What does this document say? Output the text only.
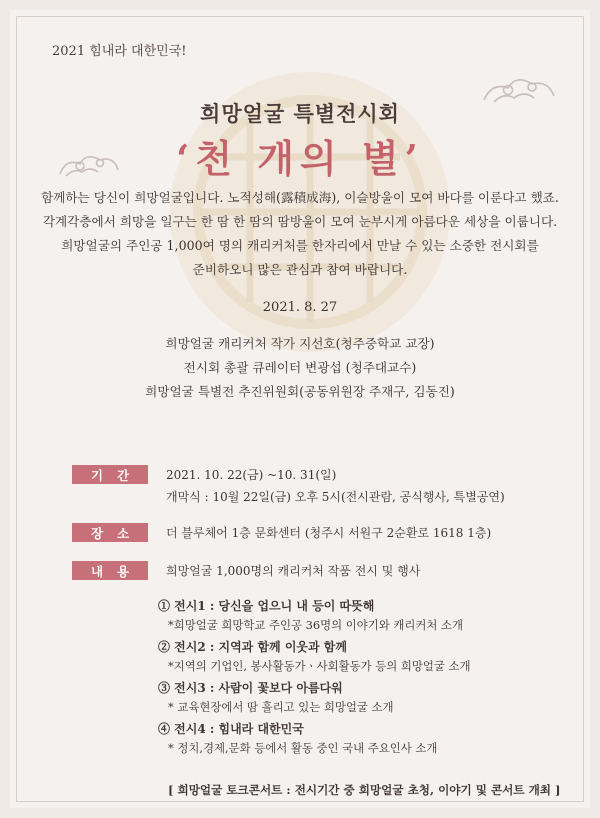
2021 힘내라 대한민국!
희망얼굴 특별전시회
‘천 개의 별’
함께하는 당신이 희망얼굴입니다. 노적성해(露積成海), 이슬방울이 모여 바다를 이룬다고 했죠.
각계각층에서 희망을 일구는 한 땀 한 땀의 땀방울이 모여 눈부시게 아름다운 세상을 이룹니다.
희망얼굴의 주인공 1,000여 명의 캐리커처를 한자리에서 만날 수 있는 소중한 전시회를
준비하오니 많은 관심과 참여 바랍니다.
2021. 8. 27
희망얼굴 캐리커처 작가 지선호(청주중학교 교장)
전시회 총괄 큐레이터 변광섭 (청주대교수)
희망얼굴 특별전 추진위원회(공동위원장 주재구, 김동진)
기 간	2021. 10. 22(금) ~10. 31(일)
개막식 : 10월 22일(금) 오후 5시(전시관람, 공식행사, 특별공연)
장 소	더 블루체어 1층 문화센터 (청주시 서원구 2순환로 1618 1층)
내 용	희망얼굴 1,000명의 캐리커처 작품 전시 및 행사
① 전시1 : 당신을 업으니 내 등이 따뜻해
*희망얼굴 희망학교 주인공 36명의 이야기와 캐리커처 소개
② 전시2 : 지역과 함께 이웃과 함께
*지역의 기업인, 봉사활동가ㆍ사회활동가 등의 희망얼굴 소개
③ 전시3 : 사람이 꽃보다 아름다워
* 교육현장에서 땀 흘리고 있는 희망얼굴 소개
④ 전시4 : 힘내라 대한민국
* 정치,경제,문화 등에서 활동 중인 국내 주요인사 소개
[ 희망얼굴 토크콘서트 : 전시기간 중 희망얼굴 초청, 이야기 및 콘서트 개최 ]
